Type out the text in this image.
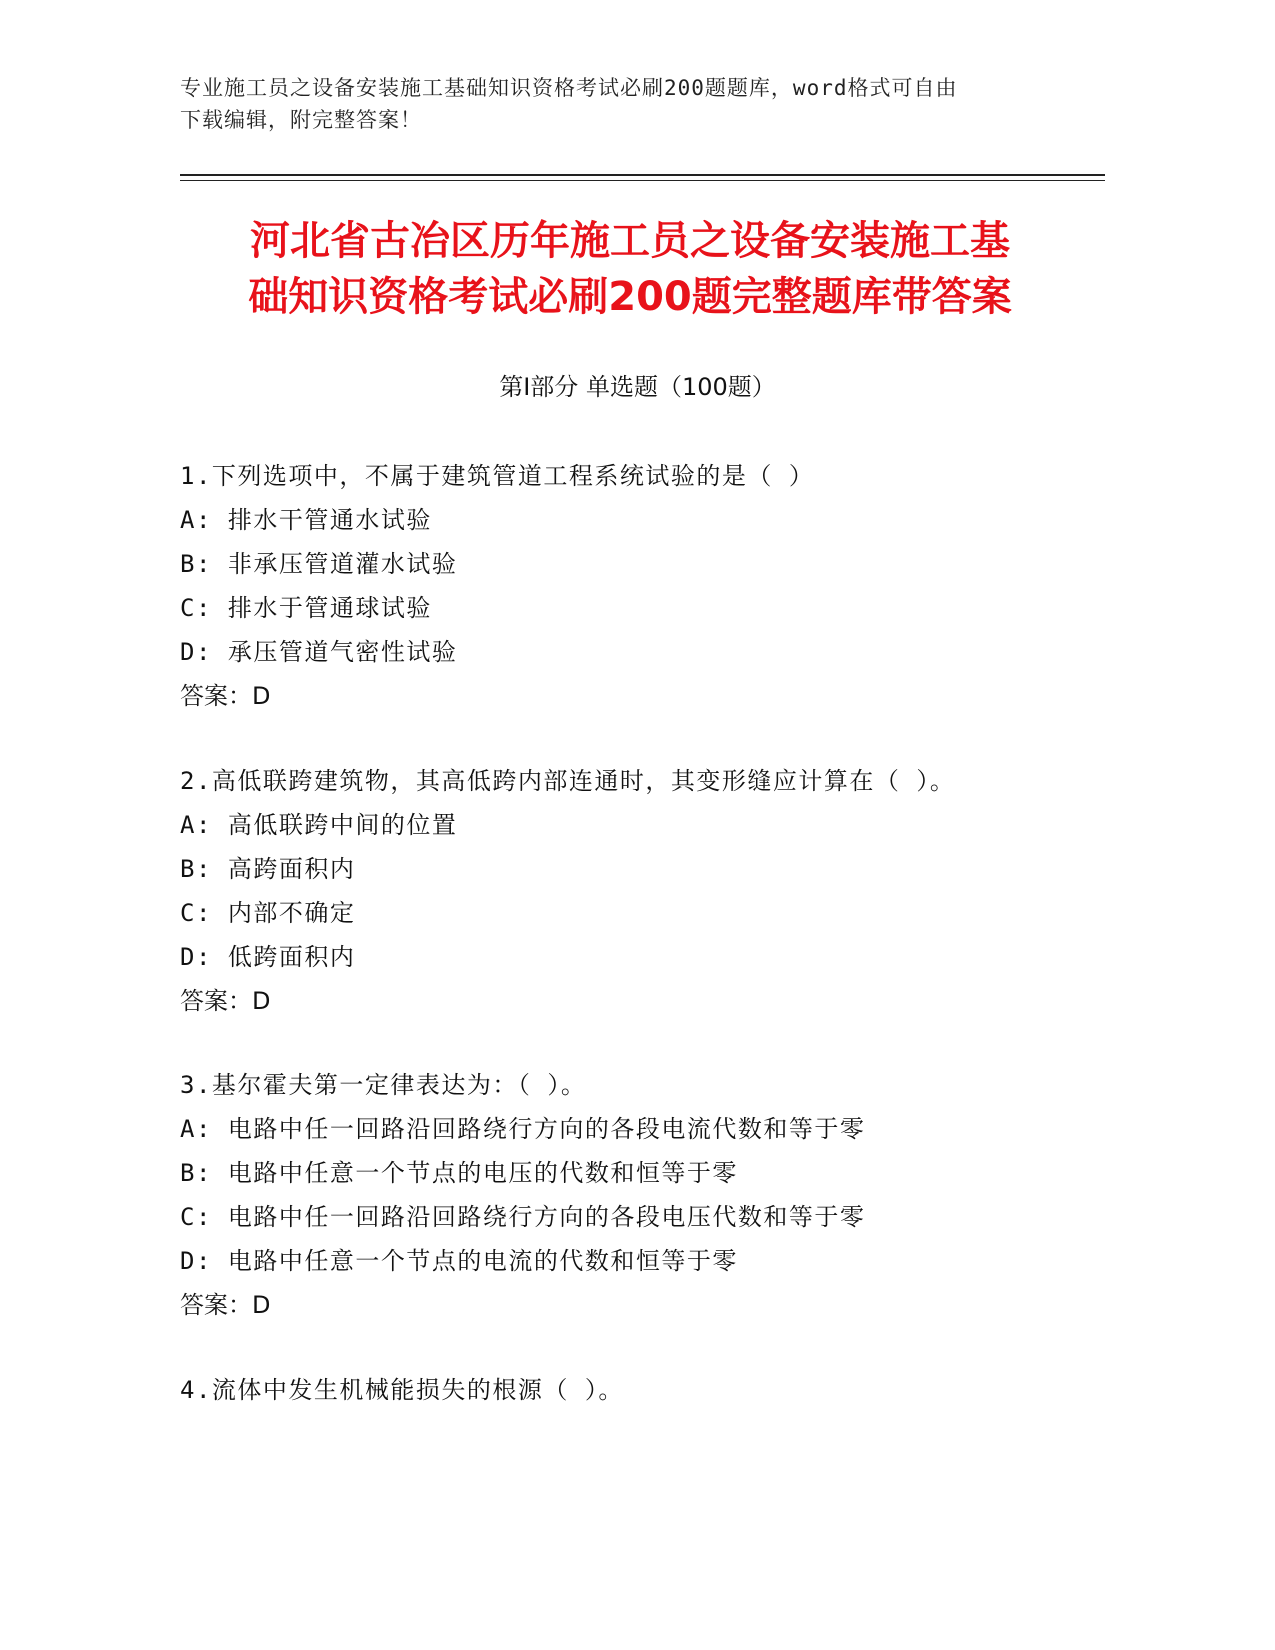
专业施工员之设备安装施工基础知识资格考试必刷200题题库，word格式可自由
下载编辑，附完整答案！
河北省古冶区历年施工员之设备安装施工基
础知识资格考试必刷200题完整题库带答案
第Ⅰ部分 单选题（100题）
1.下列选项中，不属于建筑管道工程系统试验的是（ ）
A: 排水干管通水试验
B: 非承压管道灌水试验
C: 排水于管通球试验
D: 承压管道气密性试验
答案：D
2.高低联跨建筑物，其高低跨内部连通时，其变形缝应计算在（ ）。
A: 高低联跨中间的位置
B: 高跨面积内
C: 内部不确定
D: 低跨面积内
答案：D
3.基尔霍夫第一定律表达为：（ ）。
A: 电路中任一回路沿回路绕行方向的各段电流代数和等于零
B: 电路中任意一个节点的电压的代数和恒等于零
C: 电路中任一回路沿回路绕行方向的各段电压代数和等于零
D: 电路中任意一个节点的电流的代数和恒等于零
答案：D
4.流体中发生机械能损失的根源（ ）。
